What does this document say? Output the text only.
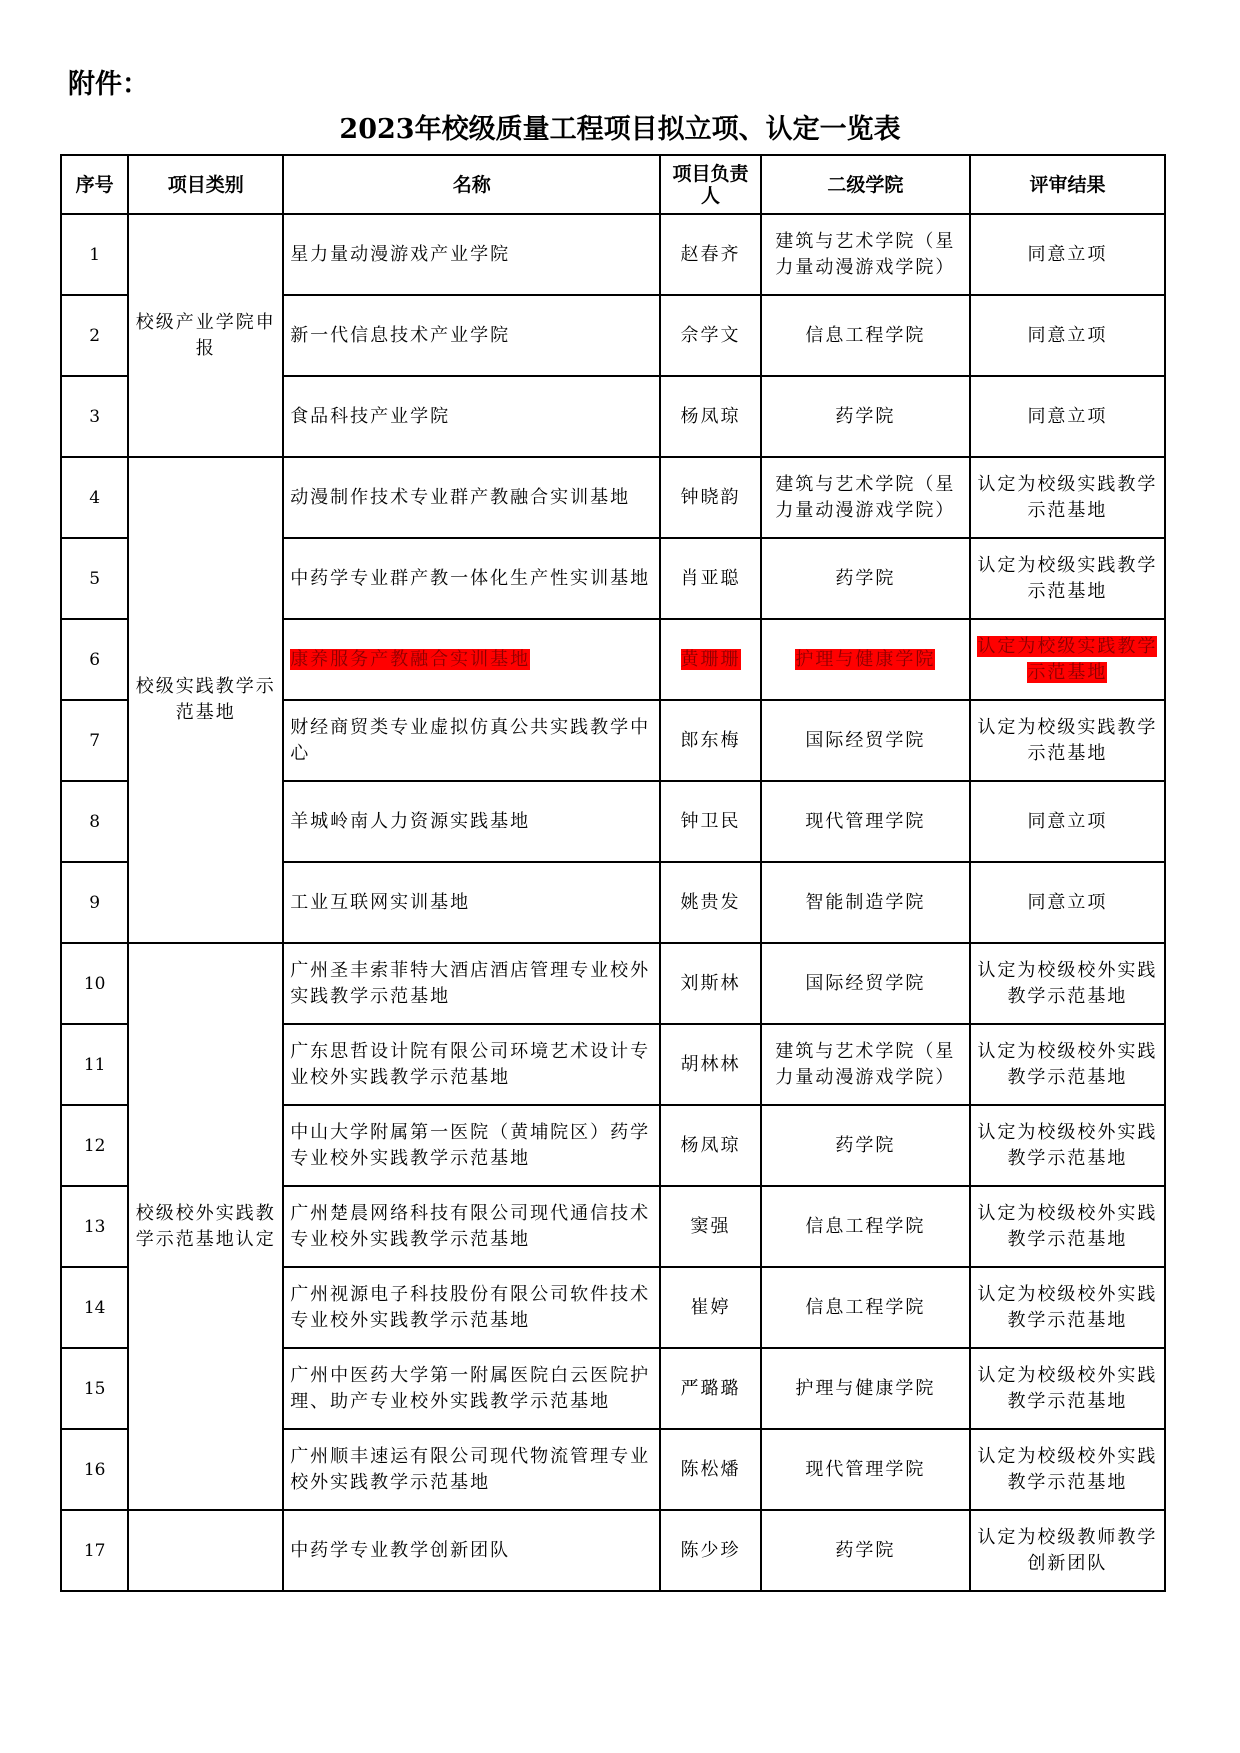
附件：
2023年校级质量工程项目拟立项、认定一览表
序号	项目类别	名称	项目负责人	二级学院	评审结果
1	校级产业学院申报	星力量动漫游戏产业学院	赵春齐	建筑与艺术学院（星力量动漫游戏学院）	同意立项
2		新一代信息技术产业学院	佘学文	信息工程学院	同意立项
3		食品科技产业学院	杨凤琼	药学院	同意立项
4	校级实践教学示范基地	动漫制作技术专业群产教融合实训基地	钟晓韵	建筑与艺术学院（星力量动漫游戏学院）	认定为校级实践教学示范基地
5		中药学专业群产教一体化生产性实训基地	肖亚聪	药学院	认定为校级实践教学示范基地
6		康养服务产教融合实训基地	黄珊珊	护理与健康学院	认定为校级实践教学示范基地
7		财经商贸类专业虚拟仿真公共实践教学中心	郎东梅	国际经贸学院	认定为校级实践教学示范基地
8		羊城岭南人力资源实践基地	钟卫民	现代管理学院	同意立项
9		工业互联网实训基地	姚贵发	智能制造学院	同意立项
10	校级校外实践教学示范基地认定	广州圣丰索菲特大酒店酒店管理专业校外实践教学示范基地	刘斯林	国际经贸学院	认定为校级校外实践教学示范基地
11		广东思哲设计院有限公司环境艺术设计专业校外实践教学示范基地	胡林林	建筑与艺术学院（星力量动漫游戏学院）	认定为校级校外实践教学示范基地
12		中山大学附属第一医院（黄埔院区）药学专业校外实践教学示范基地	杨凤琼	药学院	认定为校级校外实践教学示范基地
13		广州楚晨网络科技有限公司现代通信技术专业校外实践教学示范基地	窦强	信息工程学院	认定为校级校外实践教学示范基地
14		广州视源电子科技股份有限公司软件技术专业校外实践教学示范基地	崔婷	信息工程学院	认定为校级校外实践教学示范基地
15		广州中医药大学第一附属医院白云医院护理、助产专业校外实践教学示范基地	严璐璐	护理与健康学院	认定为校级校外实践教学示范基地
16		广州顺丰速运有限公司现代物流管理专业校外实践教学示范基地	陈松燔	现代管理学院	认定为校级校外实践教学示范基地
17		中药学专业教学创新团队	陈少珍	药学院	认定为校级教师教学创新团队
